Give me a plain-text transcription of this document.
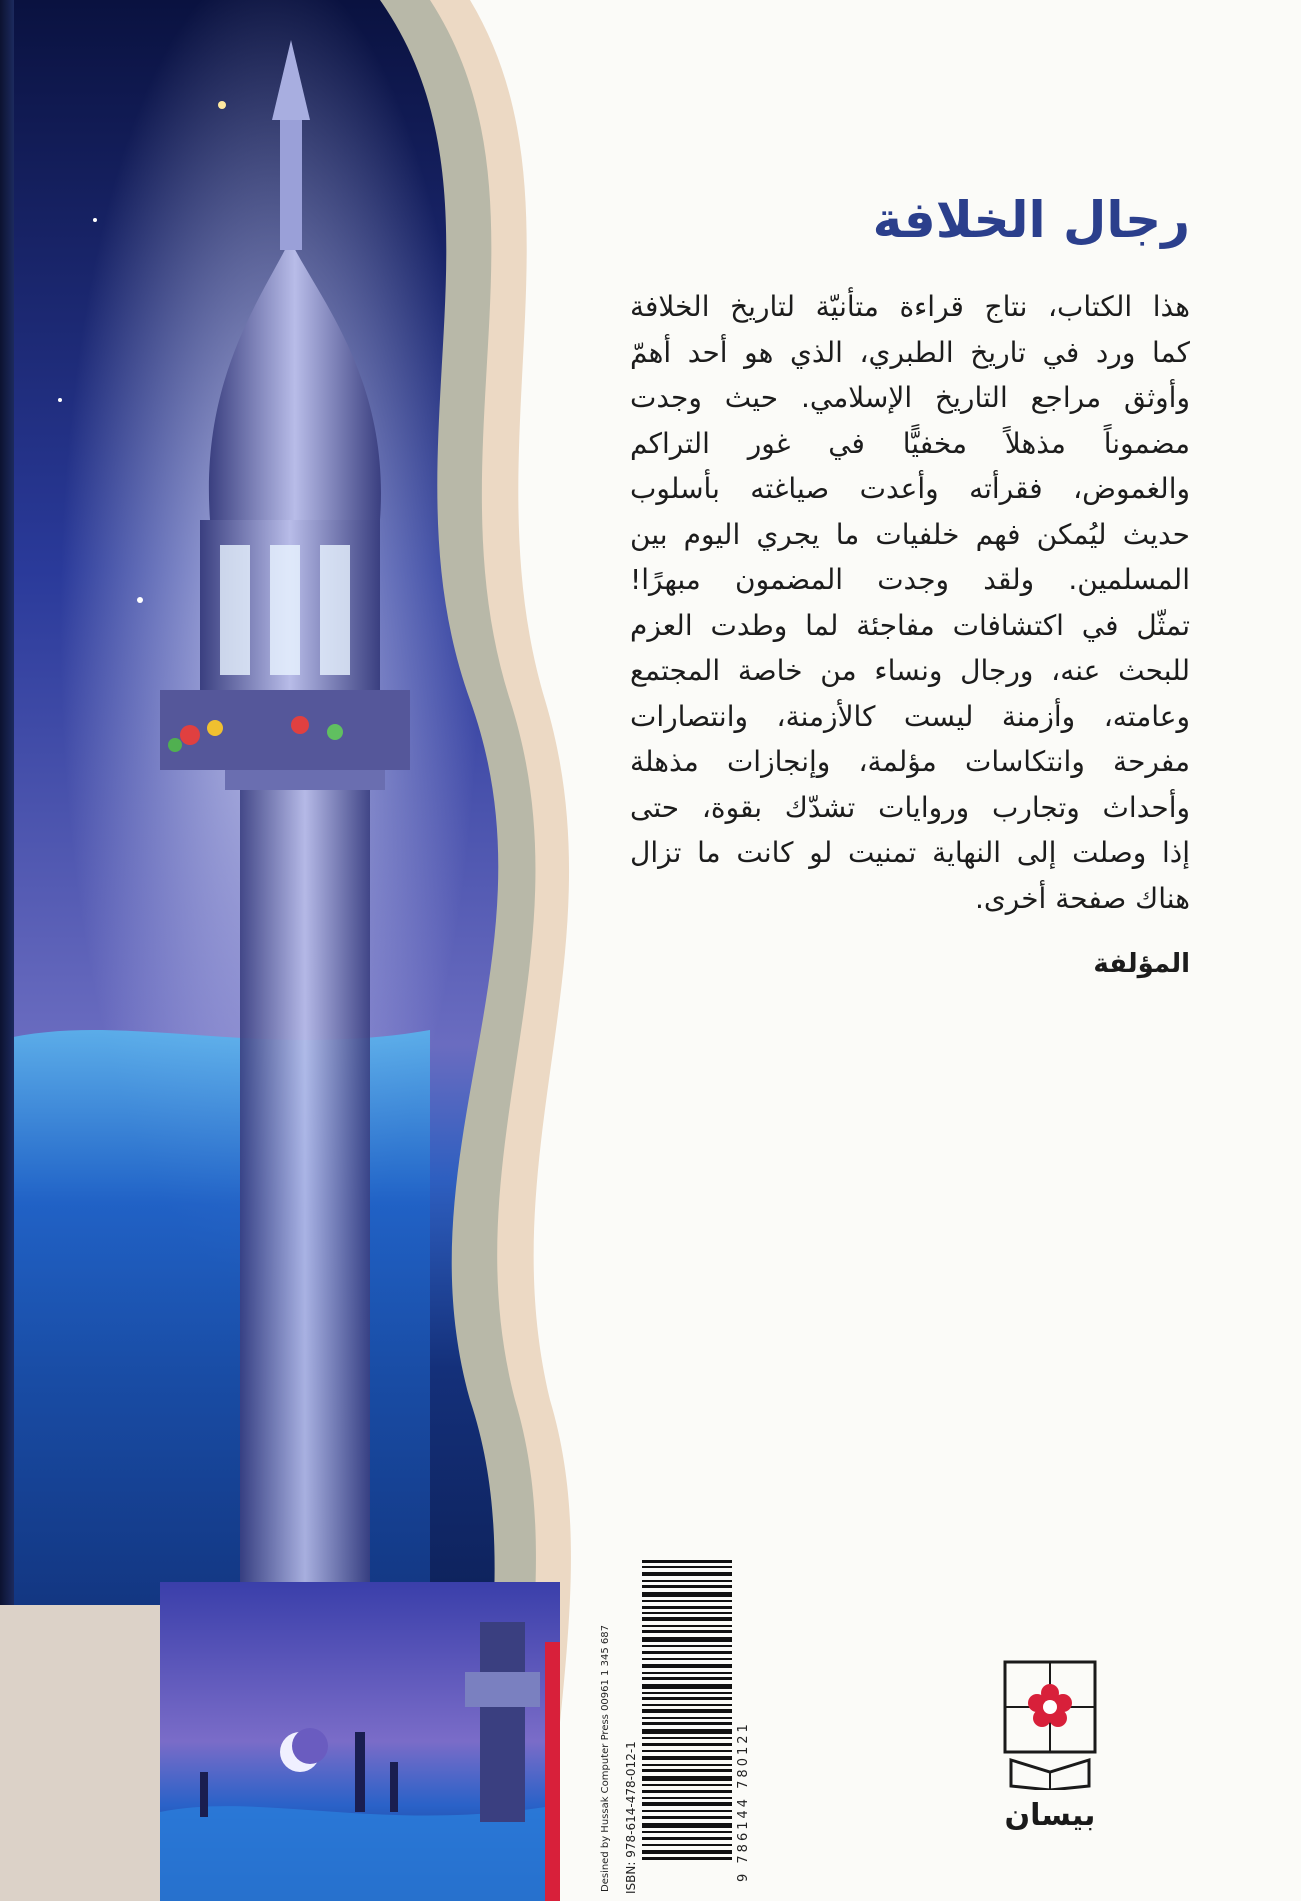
رجال الخلافة
هذا الكتاب، نتاج قراءة متأنيّة لتاريخ الخلافة
كما ورد في تاريخ الطبري، الذي هو أحد أهمّ
وأوثق مراجع التاريخ الإسلامي. حيث وجدت
مضموناً مذهلاً مخفيًّا في غور التراكم
والغموض، فقرأته وأعدت صياغته بأسلوب
حديث ليُمكن فهم خلفيات ما يجري اليوم بين
المسلمين. ولقد وجدت المضمون مبهرًا!
تمثّل في اكتشافات مفاجئة لما وطدت العزم
للبحث عنه، ورجال ونساء من خاصة المجتمع
وعامته، وأزمنة ليست كالأزمنة، وانتصارات
مفرحة وانتكاسات مؤلمة، وإنجازات مذهلة
وأحداث وتجارب وروايات تشدّك بقوة، حتى
إذا وصلت إلى النهاية تمنيت لو كانت ما تزال
هناك صفحة أخرى.
المؤلفة
Desined by Hussak Computer Press 00961 1 345 687 ISBN: 978-614-478-012-1	9 786144 780121	بيسان
